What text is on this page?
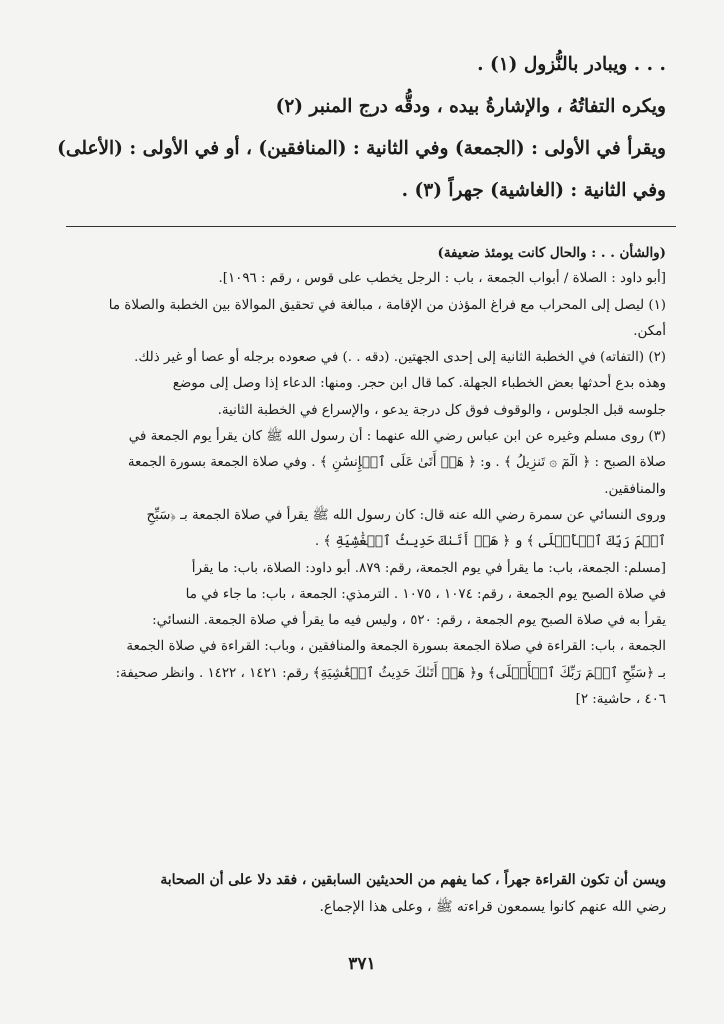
. . . ويبادر بالنُّزول (١) .
ويكره التفاتُهُ ، والإشارةُ بيده ، ودقُّه درج المنبر (٢)
ويقرأ في الأولى : (الجمعة) وفي الثانية : (المنافقين) ، أو في الأولى : (الأعلى)
وفي الثانية : (الغاشية) جهراً (٣) .
(والشأن . . : والحال كانت يومئذ ضعيفة)
[أبو داود : الصلاة / أبواب الجمعة ، باب : الرجل يخطب على قوس ، رقم : ١٠٩٦].
(١) ليصل إلى المحراب مع فراغ المؤذن من الإقامة ، مبالغة في تحقيق الموالاة بين الخطبة والصلاة ما
أمكن.
(٢) (التفاته) في الخطبة الثانية إلى إحدى الجهتين. (دقه . .) في صعوده برجله أو عصا أو غير ذلك.
وهذه بدع أحدثها بعض الخطباء الجهلة. كما قال ابن حجر. ومنها: الدعاء إذا وصل إلى موضع
جلوسه قبل الجلوس ، والوقوف فوق كل درجة يدعو ، والإسراع في الخطبة الثانية.
(٣) روى مسلم وغيره عن ابن عباس رضي الله عنهما : أن رسول الله ﷺ كان يقرأ يوم الجمعة في
صلاة الصبح : ﴿ الٓمٓ ۞ تَنزِيلُ ﴾ . و: ﴿ هَلۡ أَتَىٰ عَلَى ٱلۡإِنسَٰنِ ﴾ . وفي صلاة الجمعة بسورة الجمعة
والمنافقين.
وروى النسائي عن سمرة رضي الله عنه قال: كان رسول الله ﷺ يقرأ في صلاة الجمعة بـ ﴿سَبِّحِ
ٱسۡمَ رَبِّكَ ٱلۡأَعۡلَى ﴾ و ﴿ هَلۡ أَتَىٰكَ حَدِيثُ ٱلۡغَٰشِيَةِ ﴾ .
[مسلم: الجمعة، باب: ما يقرأ في يوم الجمعة، رقم: ٨٧٩. أبو داود: الصلاة، باب: ما يقرأ
في صلاة الصبح يوم الجمعة ، رقم: ١٠٧٤ ، ١٠٧٥ . الترمذي: الجمعة ، باب: ما جاء في ما
يقرأ به في صلاة الصبح يوم الجمعة ، رقم: ٥٢٠ ، وليس فيه ما يقرأ في صلاة الجمعة. النسائي:
الجمعة ، باب: القراءة في صلاة الجمعة بسورة الجمعة والمنافقين ، وباب: القراءة في صلاة الجمعة
بـ ﴿سَبِّحِ ٱسۡمَ رَبِّكَ ٱلۡأَعۡلَى﴾ و﴿ هَلۡ أَتَىٰكَ حَدِيثُ ٱلۡغَٰشِيَةِ﴾ رقم: ١٤٢١ ، ١٤٢٢ . وانظر صحيفة:
٤٠٦ ، حاشية: ٢]
ويسن أن تكون القراءة جهراً ، كما يفهم من الحديثين السابقين ، فقد دلا على أن الصحابة
رضي الله عنهم كانوا يسمعون قراءته ﷺ ، وعلى هذا الإجماع.
٣٧١
